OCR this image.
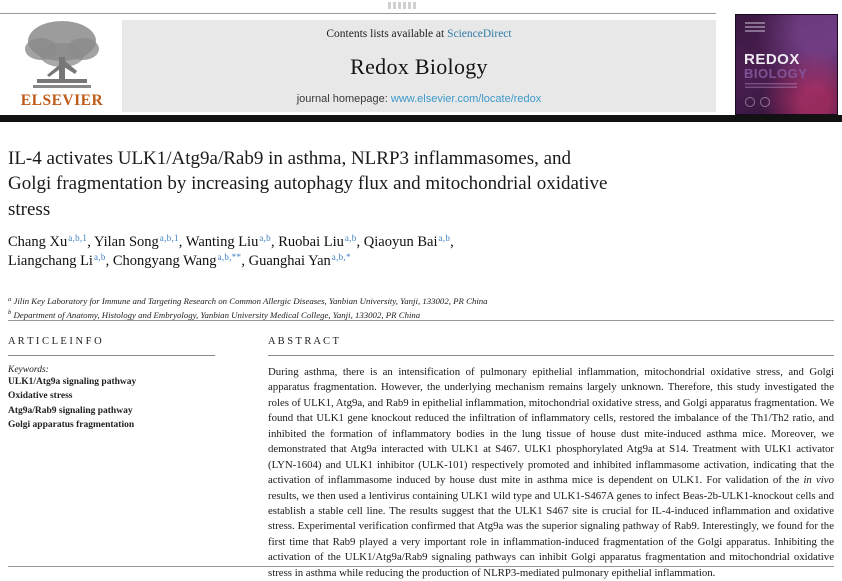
ELSEVIER
Contents lists available at ScienceDirect
Redox Biology
journal homepage: www.elsevier.com/locate/redox
REDOX
BIOLOGY
IL-4 activates ULK1/Atg9a/Rab9 in asthma, NLRP3 inflammasomes, and Golgi fragmentation by increasing autophagy flux and mitochondrial oxidative stress
Chang Xu$^{a,b,1}$, Yilan Song$^{a,b,1}$, Wanting Liu$^{a,b}$, Ruobai Liu$^{a,b}$, Qiaoyun Bai$^{a,b}$,
Liangchang Li$^{a,b}$, Chongyang Wang$^{a,b,**}$, Guanghai Yan$^{a,b,*}$
$^a$ Jilin Key Laboratory for Immune and Targeting Research on Common Allergic Diseases, Yanbian University, Yanji, 133002, PR China
$^b$ Department of Anatomy, Histology and Embryology, Yanbian University Medical College, Yanji, 133002, PR China
A R T I C L E I N F O
Keywords:
ULK1/Atg9a signaling pathway
Oxidative stress
Atg9a/Rab9 signaling pathway
Golgi apparatus fragmentation
A B S T R A C T
During asthma, there is an intensification of pulmonary epithelial inflammation, mitochondrial oxidative stress, and Golgi apparatus fragmentation. However, the underlying mechanism remains largely unknown. Therefore, this study investigated the roles of ULK1, Atg9a, and Rab9 in epithelial inflammation, mitochondrial oxidative stress, and Golgi apparatus fragmentation. We found that ULK1 gene knockout reduced the infiltration of inflammatory cells, restored the imbalance of the Th1/Th2 ratio, and inhibited the formation of inflammatory bodies in the lung tissue of house dust mite-induced asthma mice. Moreover, we demonstrated that Atg9a interacted with ULK1 at S467. ULK1 phosphorylated Atg9a at S14. Treatment with ULK1 activator (LYN-1604) and ULK1 inhibitor (ULK-101) respectively promoted and inhibited inflammasome activation, indicating that the activation of inflammasome induced by house dust mite in asthma mice is dependent on ULK1. For validation of the in vivo results, we then used a lentivirus containing ULK1 wild type and ULK1-S467A genes to infect Beas-2b-ULK1-knockout cells and establish a stable cell line. The results suggest that the ULK1 S467 site is crucial for IL-4-induced inflammation and oxidative stress. Experimental verification confirmed that Atg9a was the superior signaling pathway of Rab9. Interestingly, we found for the first time that Rab9 played a very important role in inflammation-induced fragmentation of the Golgi apparatus. Inhibiting the activation of the ULK1/Atg9a/Rab9 signaling pathways can inhibit Golgi apparatus fragmentation and mitochondrial oxidative stress in asthma while reducing the production of NLRP3-mediated pulmonary epithelial inflammation.
